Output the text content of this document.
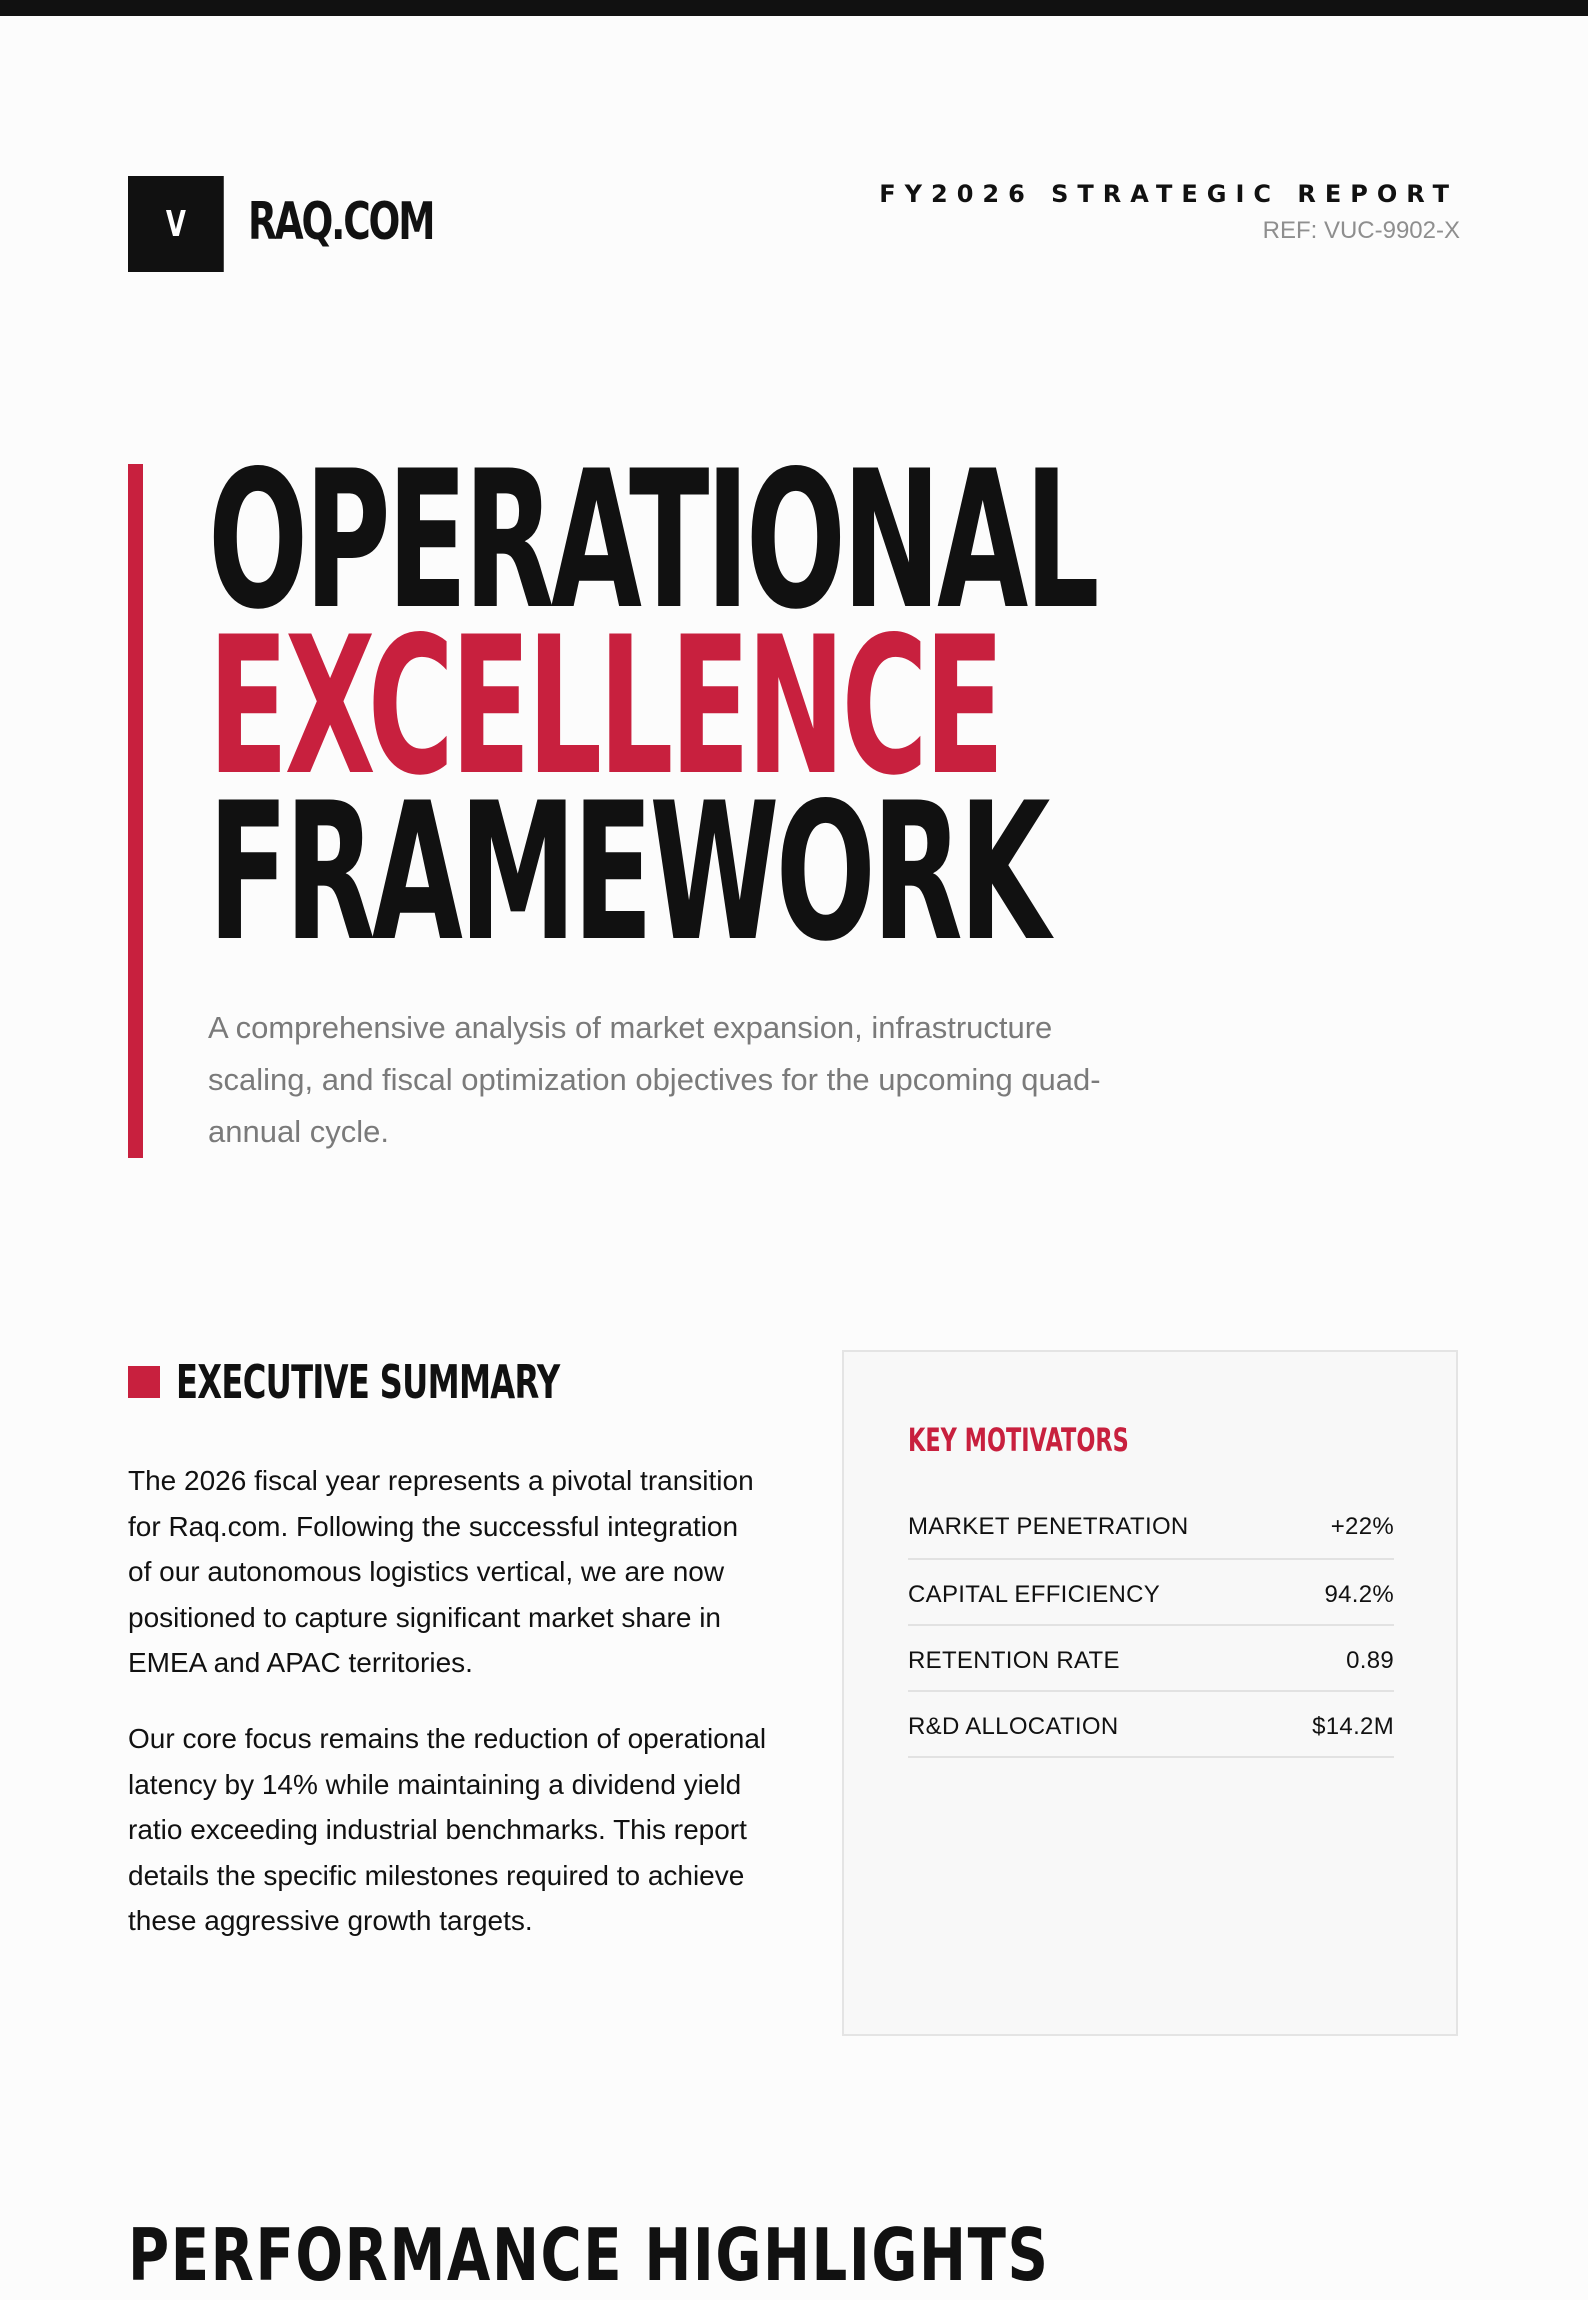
V	RAQ.COM	FY2026 STRATEGIC REPORT
REF: VUC-9902-X
OPERATIONAL
EXCELLENCE
FRAMEWORK

A comprehensive analysis of market expansion, infrastructure scaling, and fiscal optimization objectives for the upcoming quad-annual cycle.

EXECUTIVE SUMMARY

The 2026 fiscal year represents a pivotal transition for Raq.com. Following the successful integration of our autonomous logistics vertical, we are now positioned to capture significant market share in EMEA and APAC territories.

Our core focus remains the reduction of operational latency by 14% while maintaining a dividend yield ratio exceeding industrial benchmarks. This report details the specific milestones required to achieve these aggressive growth targets.

KEY MOTIVATORS
MARKET PENETRATION	+22%
CAPITAL EFFICIENCY	94.2%
RETENTION RATE	0.89
R&D ALLOCATION	$14.2M
PERFORMANCE HIGHLIGHTS
